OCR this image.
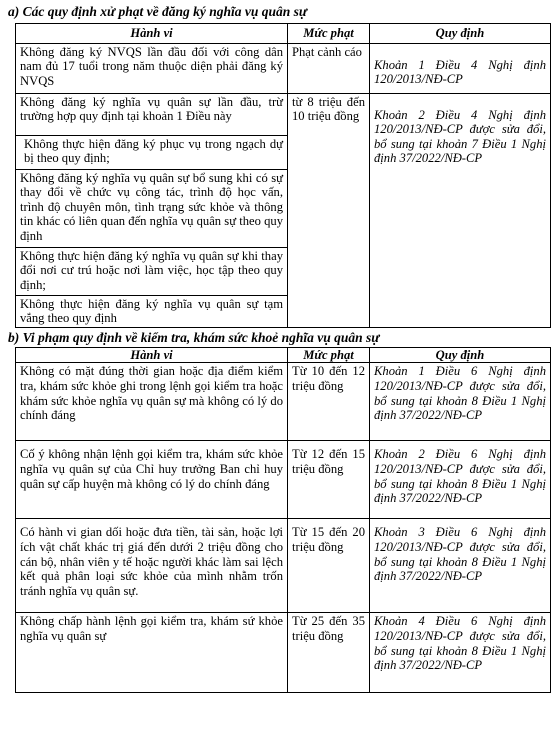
a) Các quy định xử phạt về đăng ký nghĩa vụ quân sự
Hành vi	Mức phạt	Quy định
Không đăng ký NVQS lần đầu đối với công dân nam đủ 17 tuổi trong năm thuộc diện phải đăng ký NVQS	Phạt cảnh cáo	Khoản 1 Điều 4 Nghị định 120/2013/NĐ-CP
Không đăng ký nghĩa vụ quân sự lần đầu, trừ trường hợp quy định tại khoản 1 Điều này	từ 8 triệu đến 10 triệu đồng	Khoản 2 Điều 4 Nghị định 120/2013/NĐ-CP được sửa đổi, bổ sung tại khoản 7 Điều 1 Nghị định 37/2022/NĐ-CP
Không thực hiện đăng ký phục vụ trong ngạch dự bị theo quy định;		
Không đăng ký nghĩa vụ quân sự bổ sung khi có sự thay đổi về chức vụ công tác, trình độ học vấn, trình độ chuyên môn, tình trạng sức khỏe và thông tin khác có liên quan đến nghĩa vụ quân sự theo quy định		
Không thực hiện đăng ký nghĩa vụ quân sự khi thay đổi nơi cư trú hoặc nơi làm việc, học tập theo quy định;		
Không thực hiện đăng ký nghĩa vụ quân sự tạm vắng theo quy định		
b) Vi phạm quy định về kiểm tra, khám sức khoẻ nghĩa vụ quân sự
Hành vi	Mức phạt	Quy định
Không có mặt đúng thời gian hoặc địa điểm kiểm tra, khám sức khỏe ghi trong lệnh gọi kiểm tra hoặc khám sức khỏe nghĩa vụ quân sự mà không có lý do chính đáng	Từ 10 đến 12 triệu đồng	Khoản 1 Điều 6 Nghị định 120/2013/NĐ-CP được sửa đổi, bổ sung tại khoản 8 Điều 1 Nghị định 37/2022/NĐ-CP
Cố ý không nhận lệnh gọi kiểm tra, khám sức khỏe nghĩa vụ quân sự của Chỉ huy trưởng Ban chỉ huy quân sự cấp huyện mà không có lý do chính đáng	Từ 12 đến 15 triệu đồng	Khoản 2 Điều 6 Nghị định 120/2013/NĐ-CP được sửa đổi, bổ sung tại khoản 8 Điều 1 Nghị định 37/2022/NĐ-CP
Có hành vi gian dối hoặc đưa tiền, tài sản, hoặc lợi ích vật chất khác trị giá đến dưới 2 triệu đồng cho cán bộ, nhân viên y tế hoặc người khác làm sai lệch kết quả phân loại sức khỏe của mình nhằm trốn tránh nghĩa vụ quân sự.	Từ 15 đến 20 triệu đồng	Khoản 3 Điều 6 Nghị định 120/2013/NĐ-CP được sửa đổi, bổ sung tại khoản 8 Điều 1 Nghị định 37/2022/NĐ-CP
Không chấp hành lệnh gọi kiểm tra, khám sứ khỏe nghĩa vụ quân sự	Từ 25 đến 35 triệu đồng	Khoản 4 Điều 6 Nghị định 120/2013/NĐ-CP được sửa đổi, bổ sung tại khoản 8 Điều 1 Nghị định 37/2022/NĐ-CP
